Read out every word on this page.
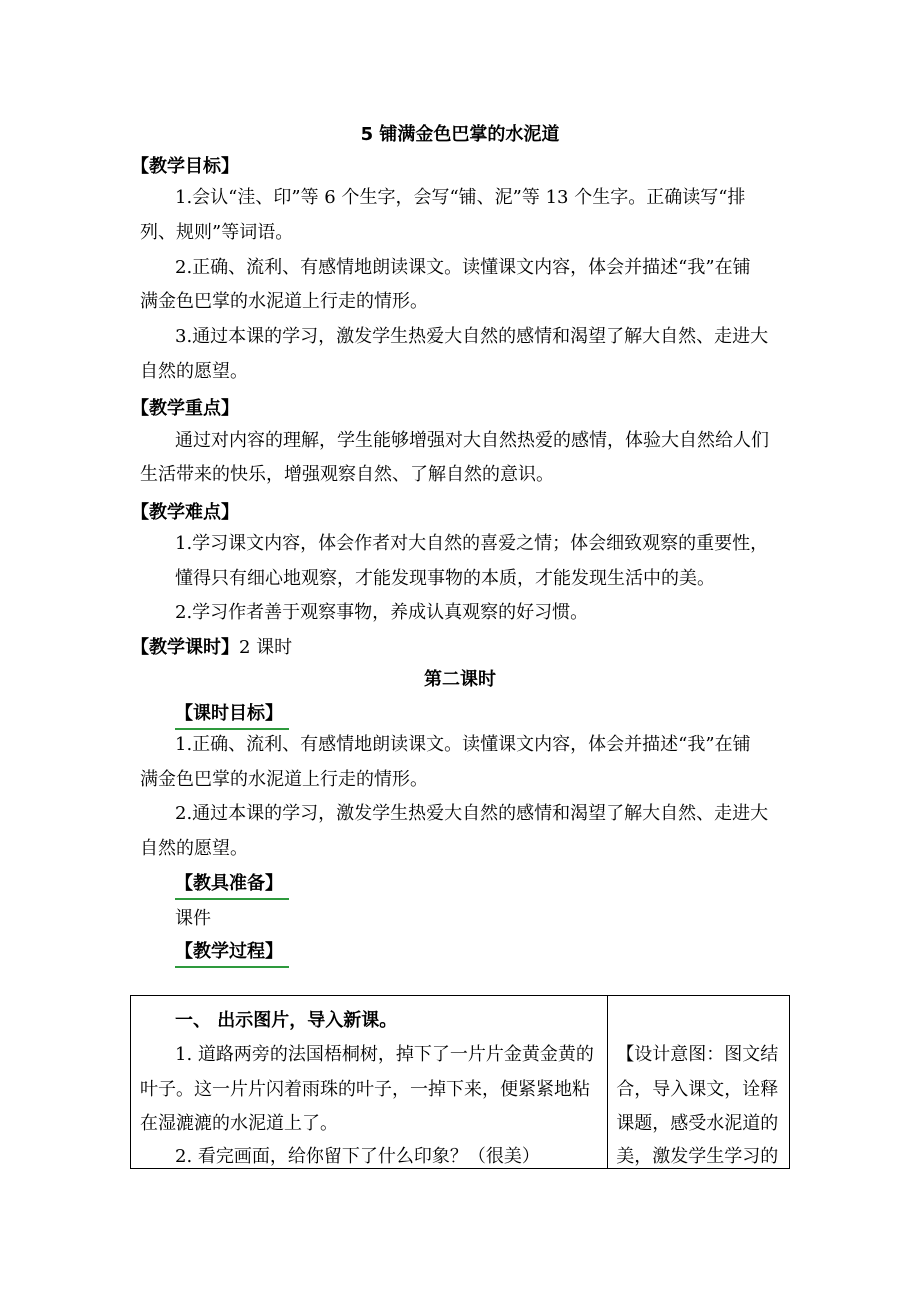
5 铺满金色巴掌的水泥道
【教学目标】
1.会认“洼、印”等 6 个生字，会写“铺、泥”等 13 个生字。正确读写“排
列、规则”等词语。
2.正确、流利、有感情地朗读课文。读懂课文内容，体会并描述“我”在铺
满金色巴掌的水泥道上行走的情形。
3.通过本课的学习，激发学生热爱大自然的感情和渴望了解大自然、走进大
自然的愿望。
【教学重点】
通过对内容的理解，学生能够增强对大自然热爱的感情，体验大自然给人们
生活带来的快乐，增强观察自然、了解自然的意识。
【教学难点】
1.学习课文内容，体会作者对大自然的喜爱之情；体会细致观察的重要性，
懂得只有细心地观察，才能发现事物的本质，才能发现生活中的美。
2.学习作者善于观察事物，养成认真观察的好习惯。
【教学课时】2 课时
第二课时
【课时目标】
1.正确、流利、有感情地朗读课文。读懂课文内容，体会并描述“我”在铺
满金色巴掌的水泥道上行走的情形。
2.通过本课的学习，激发学生热爱大自然的感情和渴望了解大自然、走进大
自然的愿望。
【教具准备】
课件
【教学过程】
一、 出示图片，导入新课。
1. 道路两旁的法国梧桐树，掉下了一片片金黄金黄的
叶子。这一片片闪着雨珠的叶子，一掉下来，便紧紧地粘
在湿漉漉的水泥道上了。
2. 看完画面，给你留下了什么印象？（很美）

【设计意图：图文结
合，导入课文，诠释
课题，感受水泥道的
美，激发学生学习的
